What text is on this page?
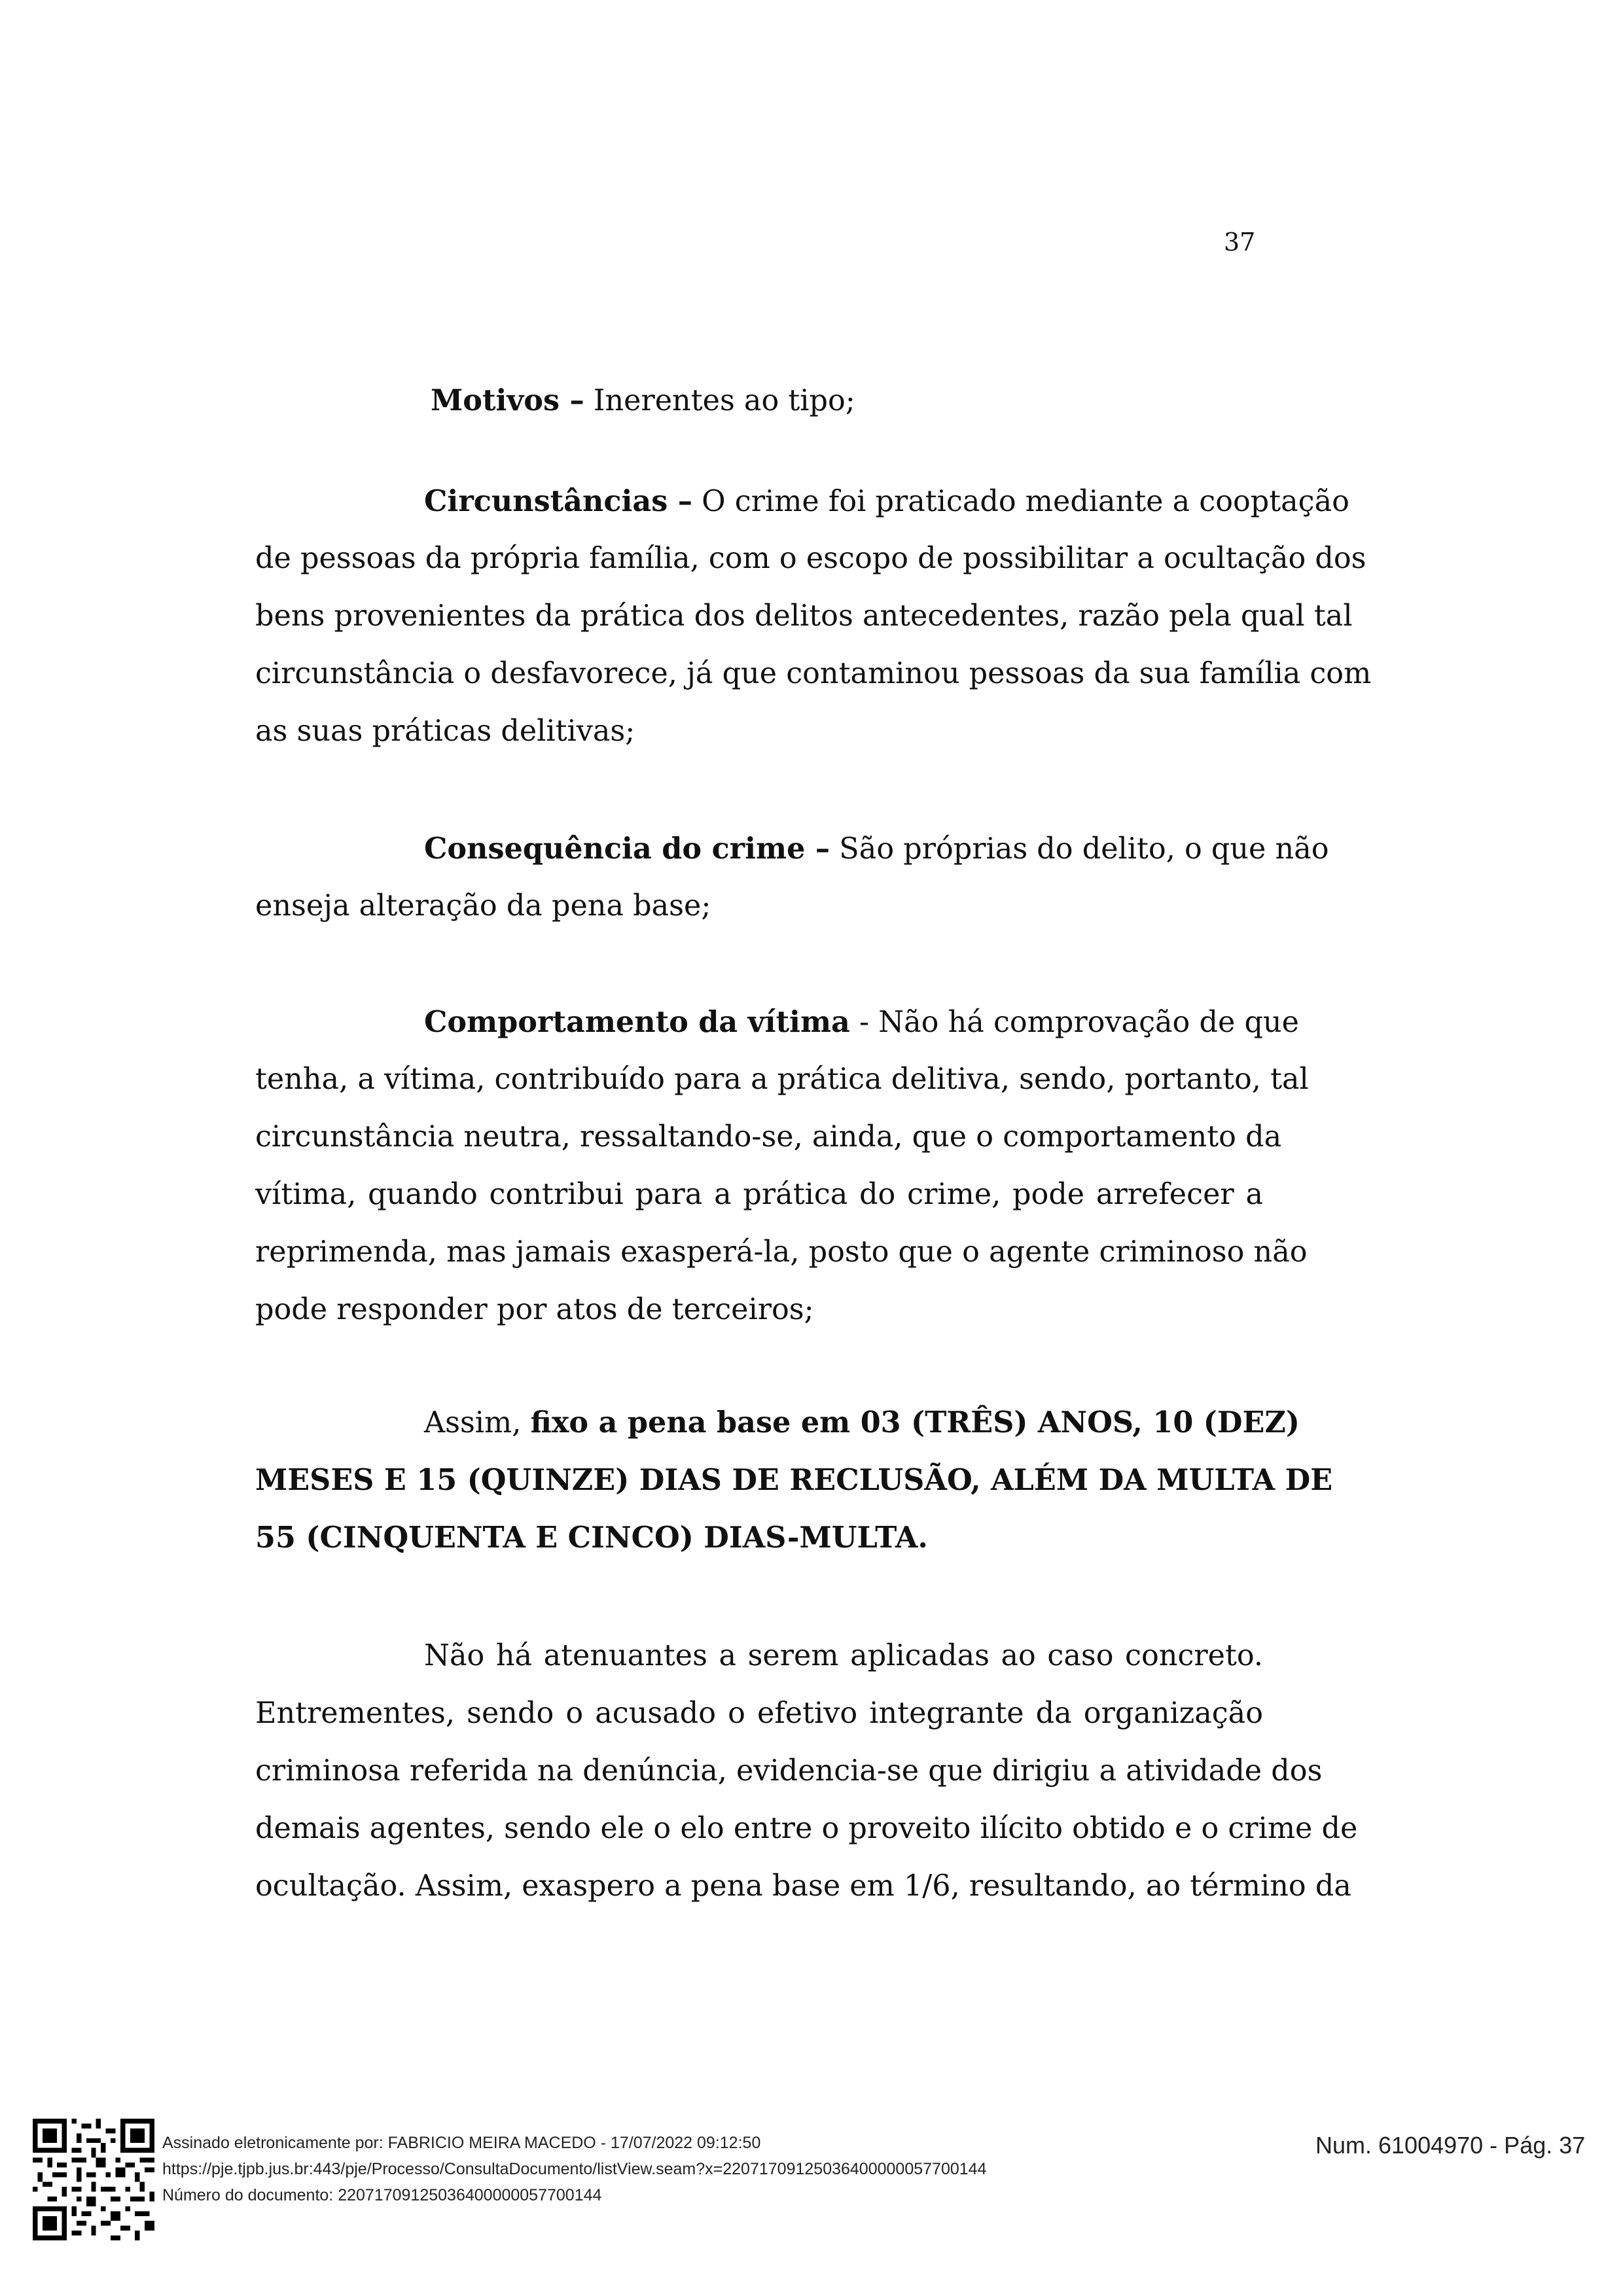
37
Motivos – Inerentes ao tipo;
Circunstâncias – O crime foi praticado mediante a cooptação
de pessoas da própria família, com o escopo de possibilitar a ocultação dos
bens provenientes da prática dos delitos antecedentes, razão pela qual tal
circunstância o desfavorece, já que contaminou pessoas da sua família com
as suas práticas delitivas;
Consequência do crime – São próprias do delito, o que não
enseja alteração da pena base;
Comportamento da vítima - Não há comprovação de que
tenha, a vítima, contribuído para a prática delitiva, sendo, portanto, tal
circunstância neutra, ressaltando-se, ainda, que o comportamento da
vítima, quando contribui para a prática do crime, pode arrefecer a
reprimenda, mas jamais exasperá-la, posto que o agente criminoso não
pode responder por atos de terceiros;
Assim, fixo a pena base em 03 (TRÊS) ANOS, 10 (DEZ)
MESES E 15 (QUINZE) DIAS DE RECLUSÃO, ALÉM DA MULTA DE
55 (CINQUENTA E CINCO) DIAS-MULTA.
Não há atenuantes a serem aplicadas ao caso concreto.
Entrementes, sendo o acusado o efetivo integrante da organização
criminosa referida na denúncia, evidencia-se que dirigiu a atividade dos
demais agentes, sendo ele o elo entre o proveito ilícito obtido e o crime de
ocultação. Assim, exaspero a pena base em 1/6, resultando, ao término da
Assinado eletronicamente por: FABRICIO MEIRA MACEDO - 17/07/2022 09:12:50
https://pje.tjpb.jus.br:443/pje/Processo/ConsultaDocumento/listView.seam?x=22071709125036400000057700144
Número do documento: 22071709125036400000057700144
Num. 61004970 - Pág. 37
